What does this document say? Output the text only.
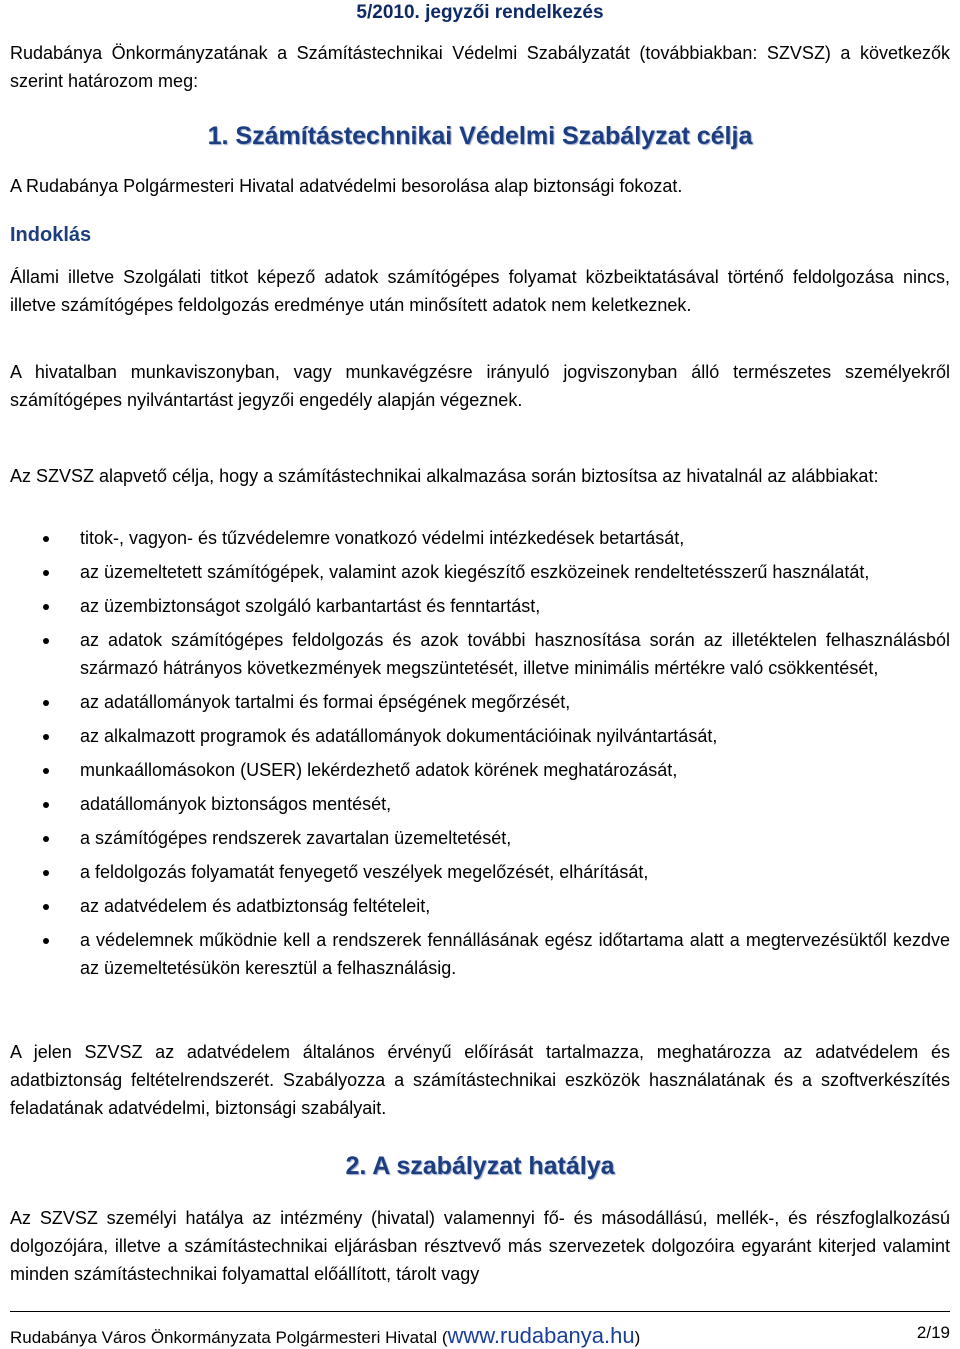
5/2010. jegyzői rendelkezés

Rudabánya Önkormányzatának a Számítástechnikai Védelmi Szabályzatát (továbbiakban: SZVSZ) a következők szerint határozom meg:

1. Számítástechnikai Védelmi Szabályzat célja

A Rudabánya Polgármesteri Hivatal adatvédelmi besorolása alap biztonsági fokozat.

Indoklás

Állami illetve Szolgálati titkot képező adatok számítógépes folyamat közbeiktatásával történő feldolgozása nincs, illetve számítógépes feldolgozás eredménye után minősített adatok nem keletkeznek.

A hivatalban munkaviszonyban, vagy munkavégzésre irányuló jogviszonyban álló természetes személyekről számítógépes nyilvántartást jegyzői engedély alapján végeznek.

Az SZVSZ alapvető célja, hogy a számítástechnikai alkalmazása során biztosítsa az hivatalnál az alábbiakat:

titok-, vagyon- és tűzvédelemre vonatkozó védelmi intézkedések betartását,
az üzemeltetett számítógépek, valamint azok kiegészítő eszközeinek rendeltetésszerű használatát,
az üzembiztonságot szolgáló karbantartást és fenntartást,
az adatok számítógépes feldolgozás és azok további hasznosítása során az illetéktelen felhasználásból származó hátrányos következmények megszüntetését, illetve minimális mértékre való csökkentését,
az adatállományok tartalmi és formai épségének megőrzését,
az alkalmazott programok és adatállományok dokumentációinak nyilvántartását,
munkaállomásokon (USER) lekérdezhető adatok körének meghatározását,
adatállományok biztonságos mentését,
a számítógépes rendszerek zavartalan üzemeltetését,
a feldolgozás folyamatát fenyegető veszélyek megelőzését, elhárítását,
az adatvédelem és adatbiztonság feltételeit,
a védelemnek működnie kell a rendszerek fennállásának egész időtartama alatt a megtervezésüktől kezdve az üzemeltetésükön keresztül a felhasználásig.

A jelen SZVSZ az adatvédelem általános érvényű előírását tartalmazza, meghatározza az adatvédelem és adatbiztonság feltételrendszerét. Szabályozza a számítástechnikai eszközök használatának és a szoftverkészítés feladatának adatvédelmi, biztonsági szabályait.

2. A szabályzat hatálya

Az SZVSZ személyi hatálya az intézmény (hivatal) valamennyi fő- és másodállású, mellék-, és részfoglalkozású dolgozójára, illetve a számítástechnikai eljárásban résztvevő más szervezetek dolgozóira egyaránt kiterjed valamint minden számítástechnikai folyamattal előállított, tárolt vagy

Rudabánya Város Önkormányzata Polgármesteri Hivatal (www.rudabanya.hu)	2/19
